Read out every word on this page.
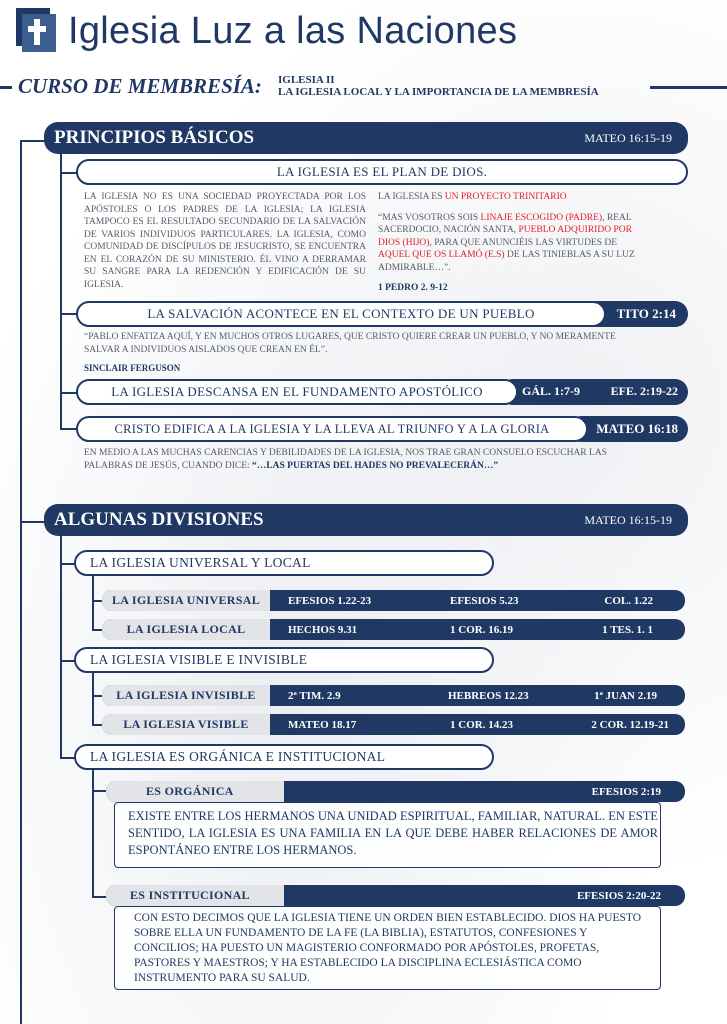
Iglesia Luz a las Naciones
CURSO DE MEMBRESÍA: IGLESIA II
LA IGLESIA LOCAL Y LA IMPORTANCIA DE LA MEMBRESÍA
PRINCIPIOS BÁSICOS	MATEO 16:15-19
LA IGLESIA ES EL PLAN DE DIOS.
LA IGLESIA NO ES UNA SOCIEDAD PROYECTADA POR LOS APÓSTOLES O LOS PADRES DE LA IGLESIA; LA IGLESIA TAMPOCO ES EL RESULTADO SECUNDARIO DE LA SALVACIÓN DE VARIOS INDIVIDUOS PARTICULARES. LA IGLESIA, COMO COMUNIDAD DE DISCÍPULOS DE JESUCRISTO, SE ENCUENTRA EN EL CORAZÓN DE SU MINISTERIO. ÉL VINO A DERRAMAR SU SANGRE PARA LA REDENCIÓN Y EDIFICACIÓN DE SU IGLESIA.
LA IGLESIA ES UN PROYECTO TRINITARIO
“MAS VOSOTROS SOIS LINAJE ESCOGIDO (PADRE), REAL SACERDOCIO, NACIÓN SANTA, PUEBLO ADQUIRIDO POR DIOS (HIJO), PARA QUE ANUNCIÉIS LAS VIRTUDES DE AQUEL QUE OS LLAMÓ (E.S) DE LAS TINIEBLAS A SU LUZ ADMIRABLE…”.
1 PEDRO 2. 9-12
TITO 2:14
LA SALVACIÓN ACONTECE EN EL CONTEXTO DE UN PUEBLO
“PABLO ENFATIZA AQUÍ, Y EN MUCHOS OTROS LUGARES, QUE CRISTO QUIERE CREAR UN PUEBLO, Y NO MERAMENTE SALVAR A INDIVIDUOS AISLADOS QUE CREAN EN ÉL”.
SINCLAIR FERGUSON
GÁL. 1:7-9	EFE. 2:19-22
LA IGLESIA DESCANSA EN EL FUNDAMENTO APOSTÓLICO
MATEO 16:18
CRISTO EDIFICA A LA IGLESIA Y LA LLEVA AL TRIUNFO Y A LA GLORIA
EN MEDIO A LAS MUCHAS CARENCIAS Y DEBILIDADES DE LA IGLESIA, NOS TRAE GRAN CONSUELO ESCUCHAR LAS PALABRAS DE JESÚS, CUANDO DICE: “…LAS PUERTAS DEL HADES NO PREVALECERÁN…”
ALGUNAS DIVISIONES	MATEO 16:15-19
LA IGLESIA UNIVERSAL Y LOCAL
LA IGLESIA UNIVERSAL	EFESIOS 1.22-23	EFESIOS 5.23	COL. 1.22
LA IGLESIA LOCAL	HECHOS 9.31	1 COR. 16.19	1 TES. 1. 1
LA IGLESIA VISIBLE E INVISIBLE
LA IGLESIA INVISIBLE	2ª TIM. 2.9	HEBREOS 12.23	1ª JUAN 2.19
LA IGLESIA VISIBLE	MATEO 18.17	1 COR. 14.23	2 COR. 12.19-21
LA IGLESIA ES ORGÁNICA E INSTITUCIONAL
ES ORGÁNICA	EFESIOS 2:19
EXISTE ENTRE LOS HERMANOS UNA UNIDAD ESPIRITUAL, FAMILIAR, NATURAL. EN ESTE SENTIDO, LA IGLESIA ES UNA FAMILIA EN LA QUE DEBE HABER RELACIONES DE AMOR ESPONTÁNEO ENTRE LOS HERMANOS.
ES INSTITUCIONAL	EFESIOS 2:20-22
CON ESTO DECIMOS QUE LA IGLESIA TIENE UN ORDEN BIEN ESTABLECIDO. DIOS HA PUESTO SOBRE ELLA UN FUNDAMENTO DE LA FE (LA BIBLIA), ESTATUTOS, CONFESIONES Y CONCILIOS; HA PUESTO UN MAGISTERIO CONFORMADO POR APÓSTOLES, PROFETAS, PASTORES Y MAESTROS; Y HA ESTABLECIDO LA DISCIPLINA ECLESIÁSTICA COMO INSTRUMENTO PARA SU SALUD.
